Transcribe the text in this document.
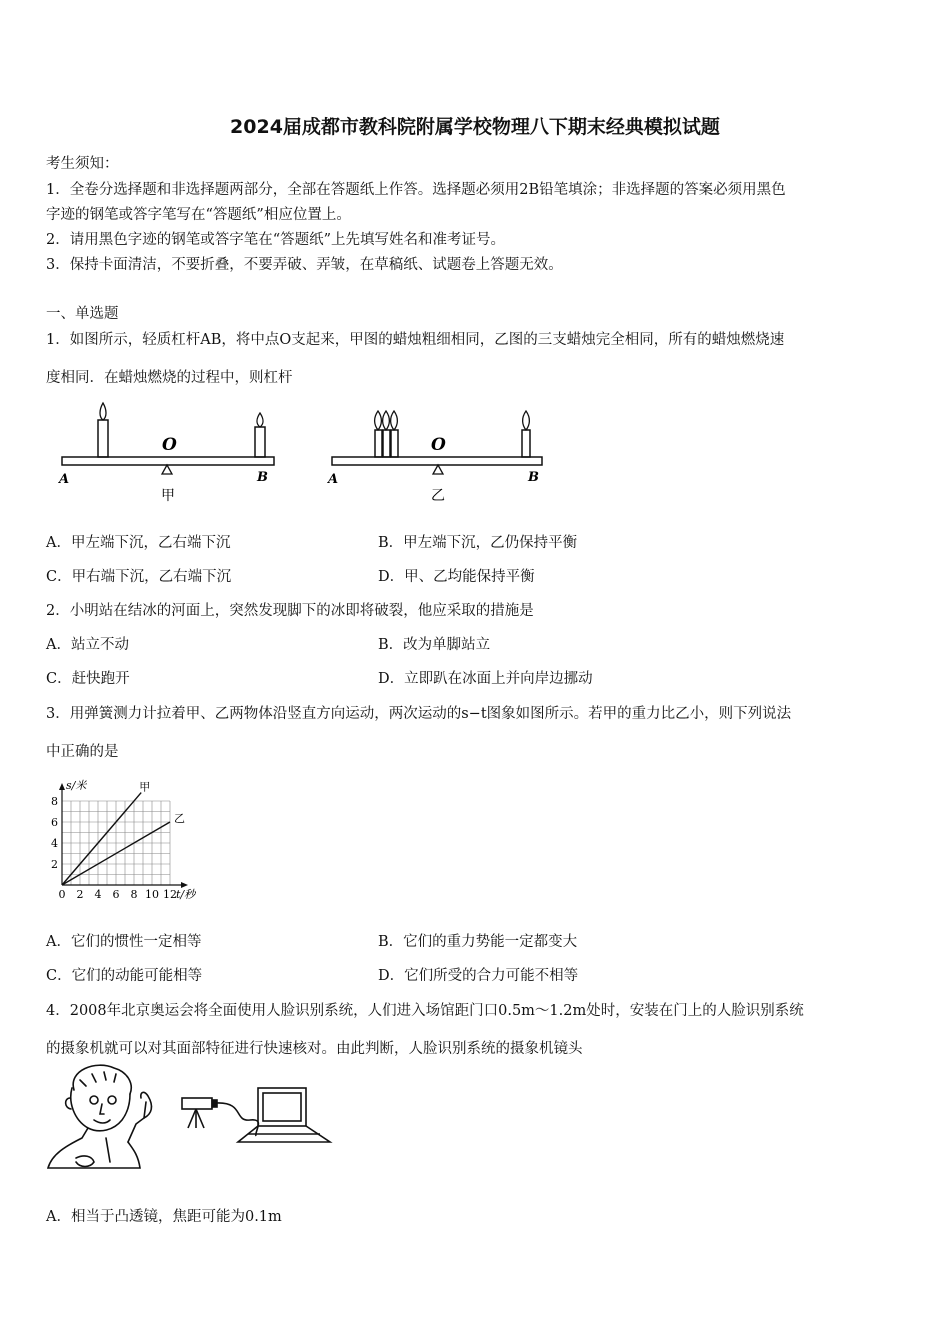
2024届成都市教科院附属学校物理八下期末经典模拟试题
考生须知：
1．全卷分选择题和非选择题两部分，全部在答题纸上作答。选择题必须用2B铅笔填涂；非选择题的答案必须用黑色
字迹的钢笔或答字笔写在“答题纸”相应位置上。
2．请用黑色字迹的钢笔或答字笔在“答题纸”上先填写姓名和准考证号。
3．保持卡面清洁，不要折叠，不要弄破、弄皱，在草稿纸、试题卷上答题无效。
一、单选题
1．如图所示，轻质杠杆AB，将中点O支起来，甲图的蜡烛粗细相同，乙图的三支蜡烛完全相同，所有的蜡烛燃烧速
度相同．在蜡烛燃烧的过程中，则杠杆
O
A	B
甲
O
A	B
乙
A．甲左端下沉，乙右端下沉	B．甲左端下沉，乙仍保持平衡
C．甲右端下沉，乙右端下沉	D．甲、乙均能保持平衡
2．小明站在结冰的河面上，突然发现脚下的冰即将破裂，他应采取的措施是
A．站立不动	B．改为单脚站立
C．赶快跑开	D．立即趴在冰面上并向岸边挪动
3．用弹簧测力计拉着甲、乙两物体沿竖直方向运动，两次运动的s−t图象如图所示。若甲的重力比乙小，则下列说法
中正确的是
0 2 4 6 8 10 12
2
4
6
8
t/秒
s/米	甲
乙
A．它们的惯性一定相等	B．它们的重力势能一定都变大
C．它们的动能可能相等	D．它们所受的合力可能不相等
4．2008年北京奥运会将全面使用人脸识别系统，人们进入场馆距门口0.5m～1.2m处时，安装在门上的人脸识别系统
的摄象机就可以对其面部特征进行快速核对。由此判断，人脸识别系统的摄象机镜头
A．相当于凸透镜，焦距可能为0.1m
